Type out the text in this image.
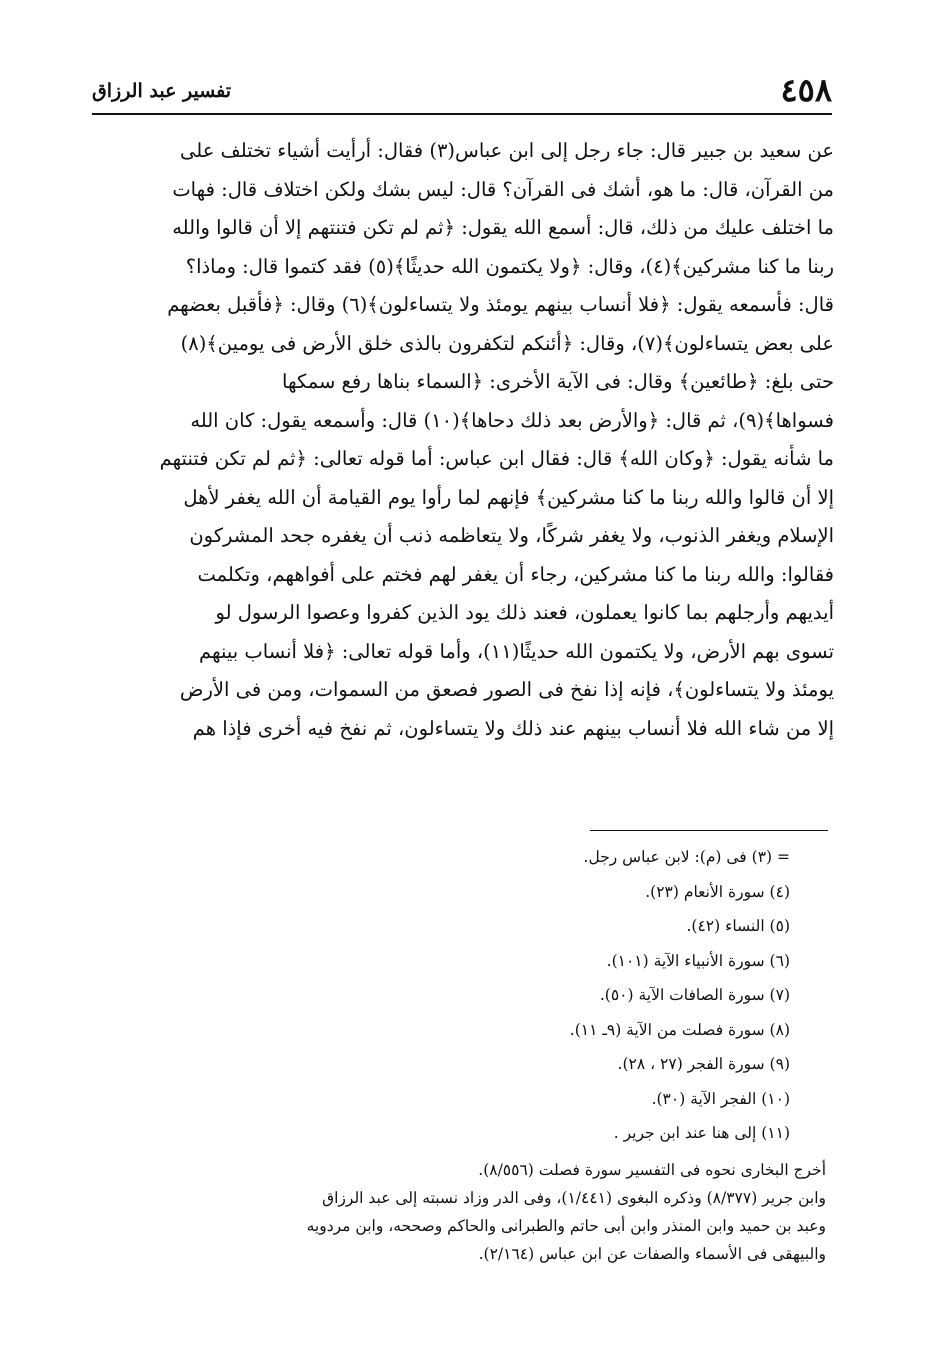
٤٥٨
تفسير عبد الرزاق
عن سعيد بن جبير قال: جاء رجل إلى ابن عباس(٣) فقال: أرأيت أشياء تختلف على
من القرآن، قال: ما هو، أشك فى القرآن؟ قال: ليس بشك ولكن اختلاف قال: فهات
ما اختلف عليك من ذلك، قال: أسمع الله يقول: ﴿ثم لم تكن فتنتهم إلا أن قالوا والله
ربنا ما كنا مشركين﴾(٤)، وقال: ﴿ولا يكتمون الله حديثًا﴾(٥) فقد كتموا قال: وماذا؟
قال: فأسمعه يقول: ﴿فلا أنساب بينهم يومئذ ولا يتساءلون﴾(٦) وقال: ﴿فأقبل بعضهم
على بعض يتساءلون﴾(٧)، وقال: ﴿أئنكم لتكفرون بالذى خلق الأرض فى يومين﴾(٨)
حتى بلغ: ﴿طائعين﴾ وقال: فى الآية الأخرى: ﴿السماء بناها رفع سمكها
فسواها﴾(٩)، ثم قال: ﴿والأرض بعد ذلك دحاها﴾(١٠) قال: وأسمعه يقول: كان الله
ما شأنه يقول: ﴿وكان الله﴾ قال: فقال ابن عباس: أما قوله تعالى: ﴿ثم لم تكن فتنتهم
إلا أن قالوا والله ربنا ما كنا مشركين﴾ فإنهم لما رأوا يوم القيامة أن الله يغفر لأهل
الإسلام ويغفر الذنوب، ولا يغفر شركًا، ولا يتعاظمه ذنب أن يغفره جحد المشركون
فقالوا: والله ربنا ما كنا مشركين، رجاء أن يغفر لهم فختم على أفواههم، وتكلمت
أيديهم وأرجلهم بما كانوا يعملون، فعند ذلك يود الذين كفروا وعصوا الرسول لو
تسوى بهم الأرض، ولا يكتمون الله حديثًا(١١)، وأما قوله تعالى: ﴿فلا أنساب بينهم
يومئذ ولا يتساءلون﴾، فإنه إذا نفخ فى الصور فصعق من السموات، ومن فى الأرض
إلا من شاء الله فلا أنساب بينهم عند ذلك ولا يتساءلون، ثم نفخ فيه أخرى فإذا هم
= (٣) فى (م): لابن عباس رجل.
(٤) سورة الأنعام (٢٣).
(٥) النساء (٤٢).
(٦) سورة الأنبياء الآية (١٠١).
(٧) سورة الصافات الآية (٥٠).
(٨) سورة فصلت من الآية (٩ـ ١١).
(٩) سورة الفجر (٢٧ ، ٢٨).
(١٠) الفجر الآية (٣٠).
(١١) إلى هنا عند ابن جرير .
أخرج البخارى نحوه فى التفسير سورة فصلت (٨/٥٥٦).
وابن جرير (٨/٣٧٧) وذكره البغوى (١/٤٤١)، وفى الدر وزاد نسبته إلى عبد الرزاق
وعبد بن حميد وابن المنذر وابن أبى حاتم والطبرانى والحاكم وصححه، وابن مردويه
والبيهقى فى الأسماء والصفات عن ابن عباس (٢/١٦٤).
